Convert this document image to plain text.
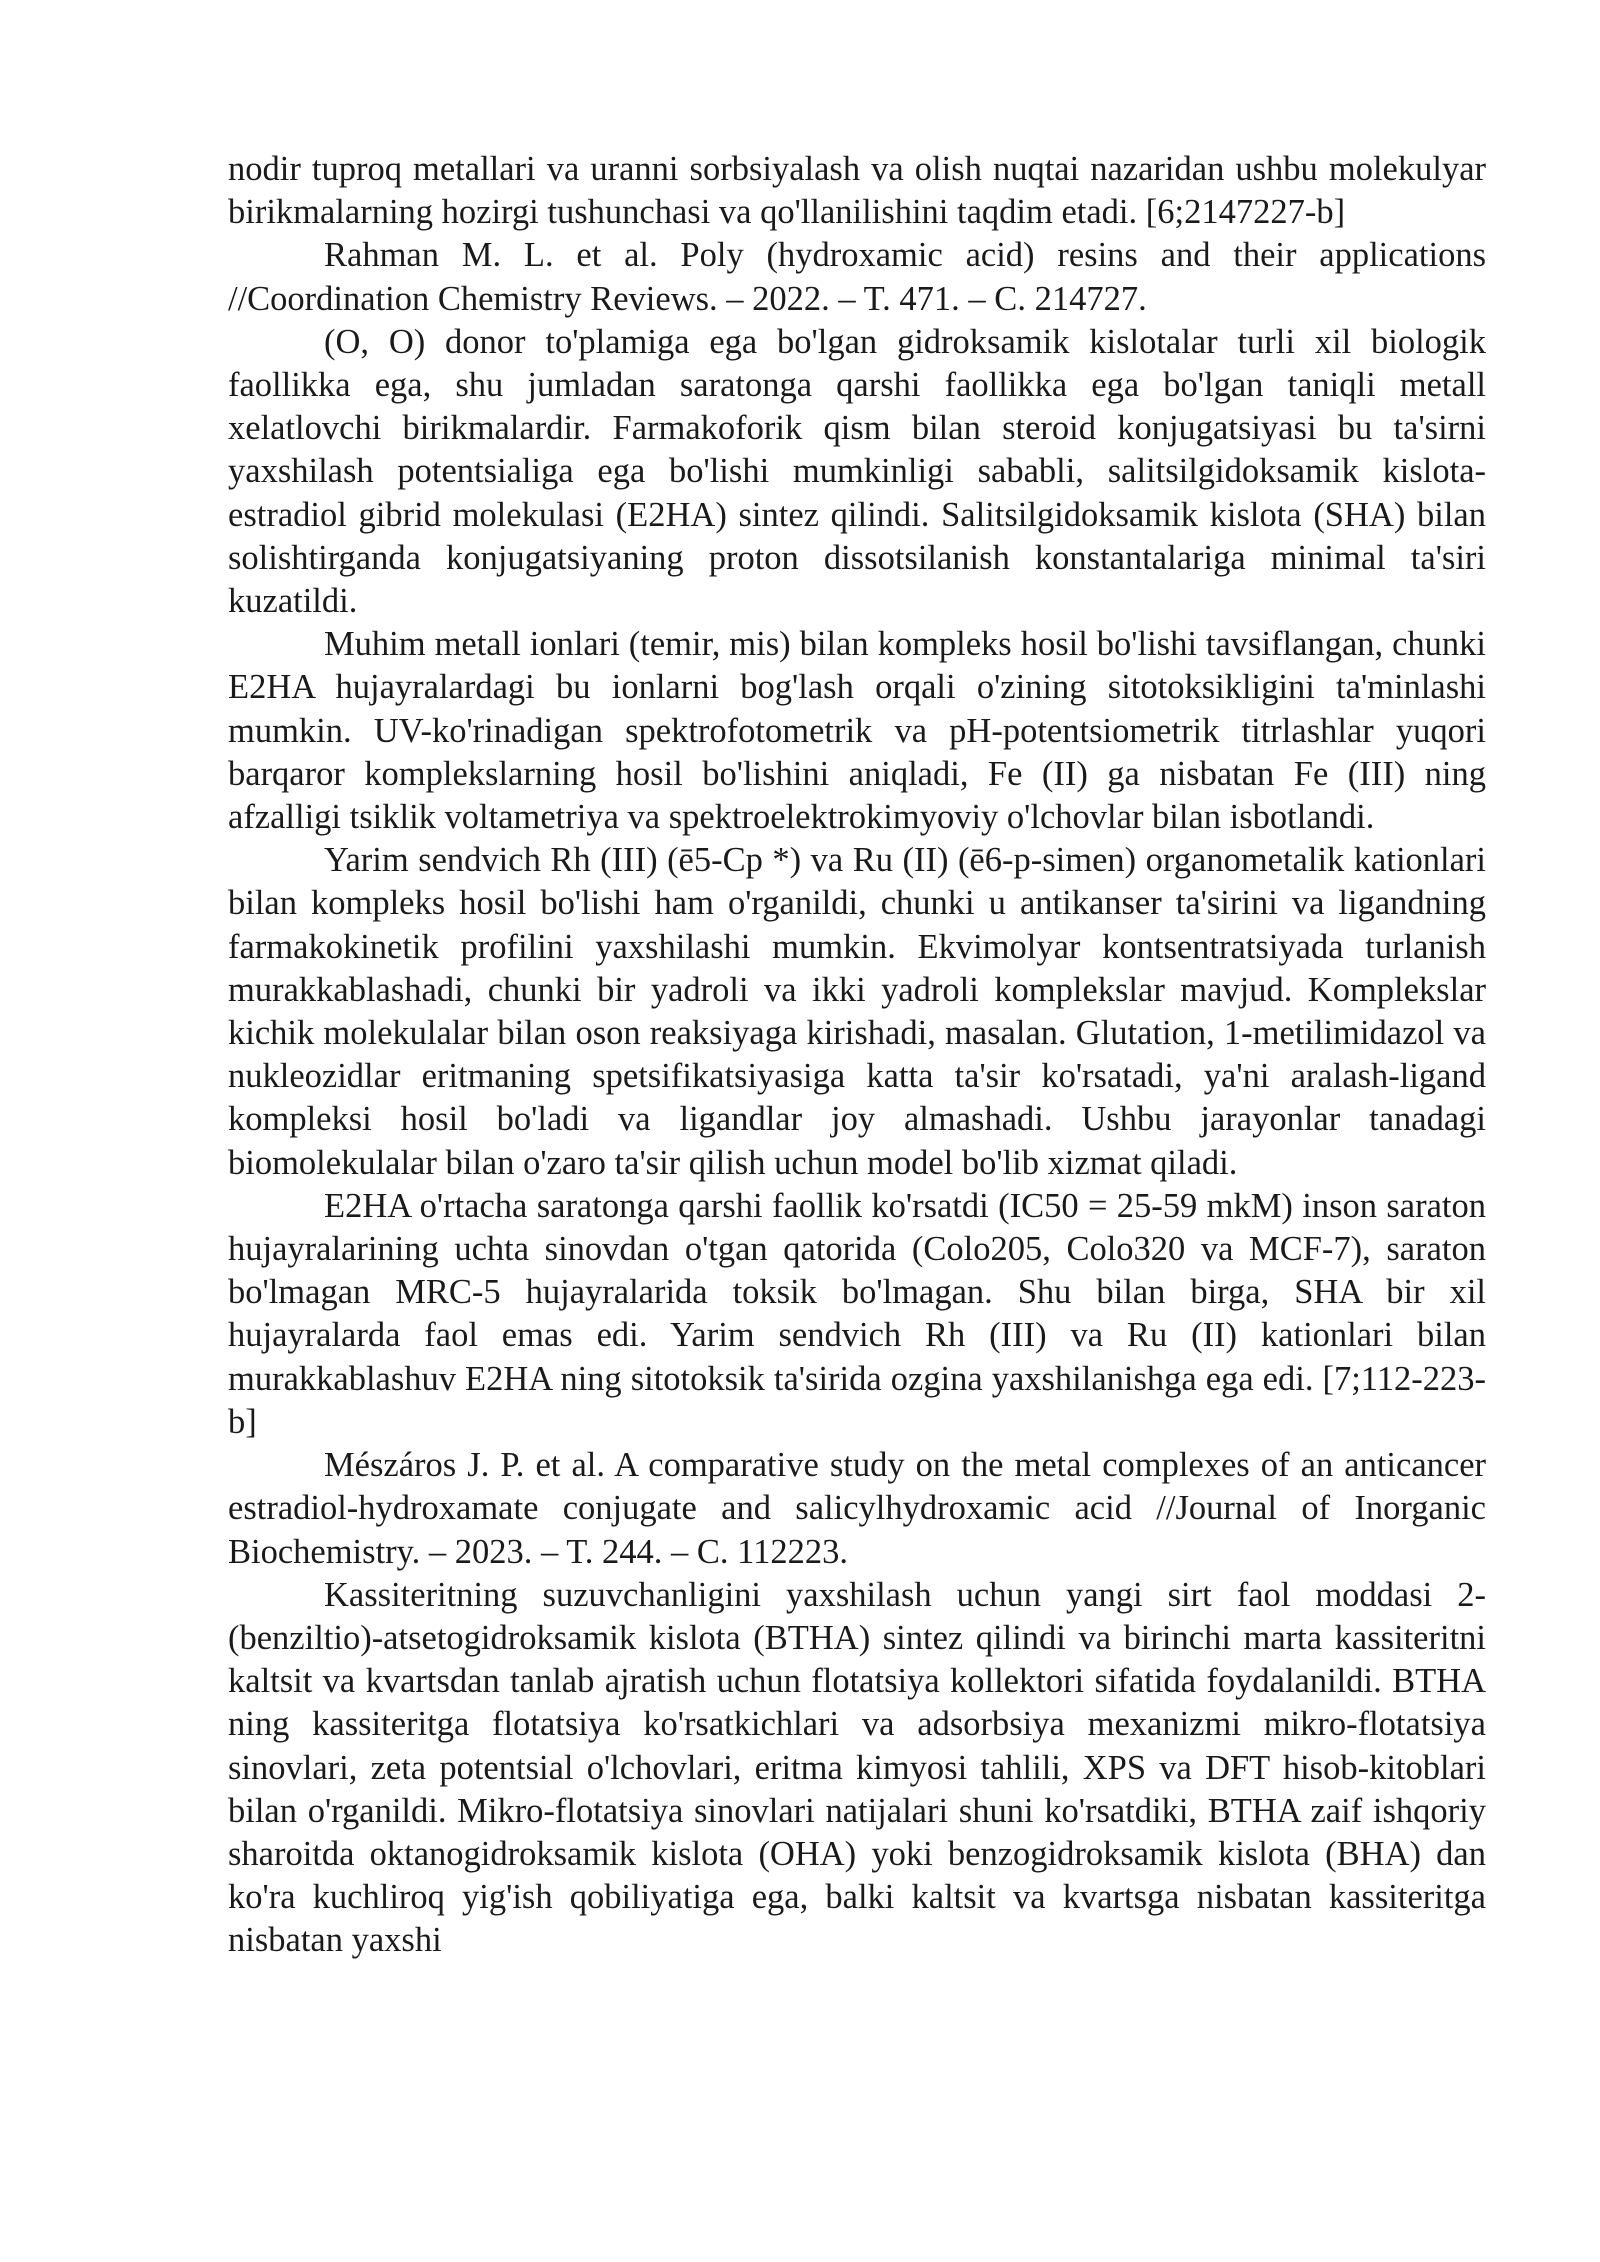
nodir tuproq metallari va uranni sorbsiyalash va olish nuqtai nazaridan ushbu molekulyar birikmalarning hozirgi tushunchasi va qo'llanilishini taqdim etadi. [6;2147227-b]

Rahman M. L. et al. Poly (hydroxamic acid) resins and their applications //Coordination Chemistry Reviews. – 2022. – T. 471. – C. 214727.

(O, O) donor to'plamiga ega bo'lgan gidroksamik kislotalar turli xil biologik faollikka ega, shu jumladan saratonga qarshi faollikka ega bo'lgan taniqli metall xelatlovchi birikmalardir. Farmakoforik qism bilan steroid konjugatsiyasi bu ta'sirni yaxshilash potentsialiga ega bo'lishi mumkinligi sababli, salitsilgidoksamik kislota-estradiol gibrid molekulasi (E2HA) sintez qilindi. Salitsilgidoksamik kislota (SHA) bilan solishtirganda konjugatsiyaning proton dissotsilanish konstantalariga minimal ta'siri kuzatildi.

Muhim metall ionlari (temir, mis) bilan kompleks hosil bo'lishi tavsiflangan, chunki E2HA hujayralardagi bu ionlarni bog'lash orqali o'zining sitotoksikligini ta'minlashi mumkin. UV-ko'rinadigan spektrofotometrik va pH-potentsiometrik titrlashlar yuqori barqaror komplekslarning hosil bo'lishini aniqladi, Fe (II) ga nisbatan Fe (III) ning afzalligi tsiklik voltametriya va spektroelektrokimyoviy o'lchovlar bilan isbotlandi.

Yarim sendvich Rh (III) (ē5-Cp *) va Ru (II) (ē6-p-simen) organometalik kationlari bilan kompleks hosil bo'lishi ham o'rganildi, chunki u antikanser ta'sirini va ligandning farmakokinetik profilini yaxshilashi mumkin. Ekvimolyar kontsentratsiyada turlanish murakkablashadi, chunki bir yadroli va ikki yadroli komplekslar mavjud. Komplekslar kichik molekulalar bilan oson reaksiyaga kirishadi, masalan. Glutation, 1-metilimidazol va nukleozidlar eritmaning spetsifikatsiyasiga katta ta'sir ko'rsatadi, ya'ni aralash-ligand kompleksi hosil bo'ladi va ligandlar joy almashadi. Ushbu jarayonlar tanadagi biomolekulalar bilan o'zaro ta'sir qilish uchun model bo'lib xizmat qiladi.

E2HA o'rtacha saratonga qarshi faollik ko'rsatdi (IC50 = 25-59 mkM) inson saraton hujayralarining uchta sinovdan o'tgan qatorida (Colo205, Colo320 va MCF-7), saraton bo'lmagan MRC-5 hujayralarida toksik bo'lmagan. Shu bilan birga, SHA bir xil hujayralarda faol emas edi. Yarim sendvich Rh (III) va Ru (II) kationlari bilan murakkablashuv E2HA ning sitotoksik ta'sirida ozgina yaxshilanishga ega edi. [7;112-223-b]

Mészáros J. P. et al. A comparative study on the metal complexes of an anticancer estradiol-hydroxamate conjugate and salicylhydroxamic acid //Journal of Inorganic Biochemistry. – 2023. – T. 244. – C. 112223.

Kassiteritning suzuvchanligini yaxshilash uchun yangi sirt faol moddasi 2-(benziltio)-atsetogidroksamik kislota (BTHA) sintez qilindi va birinchi marta kassiteritni kaltsit va kvartsdan tanlab ajratish uchun flotatsiya kollektori sifatida foydalanildi. BTHA ning kassiteritga flotatsiya ko'rsatkichlari va adsorbsiya mexanizmi mikro-flotatsiya sinovlari, zeta potentsial o'lchovlari, eritma kimyosi tahlili, XPS va DFT hisob-kitoblari bilan o'rganildi. Mikro-flotatsiya sinovlari natijalari shuni ko'rsatdiki, BTHA zaif ishqoriy sharoitda oktanogidroksamik kislota (OHA) yoki benzogidroksamik kislota (BHA) dan ko'ra kuchliroq yig'ish qobiliyatiga ega, balki kaltsit va kvartsga nisbatan kassiteritga nisbatan yaxshi
